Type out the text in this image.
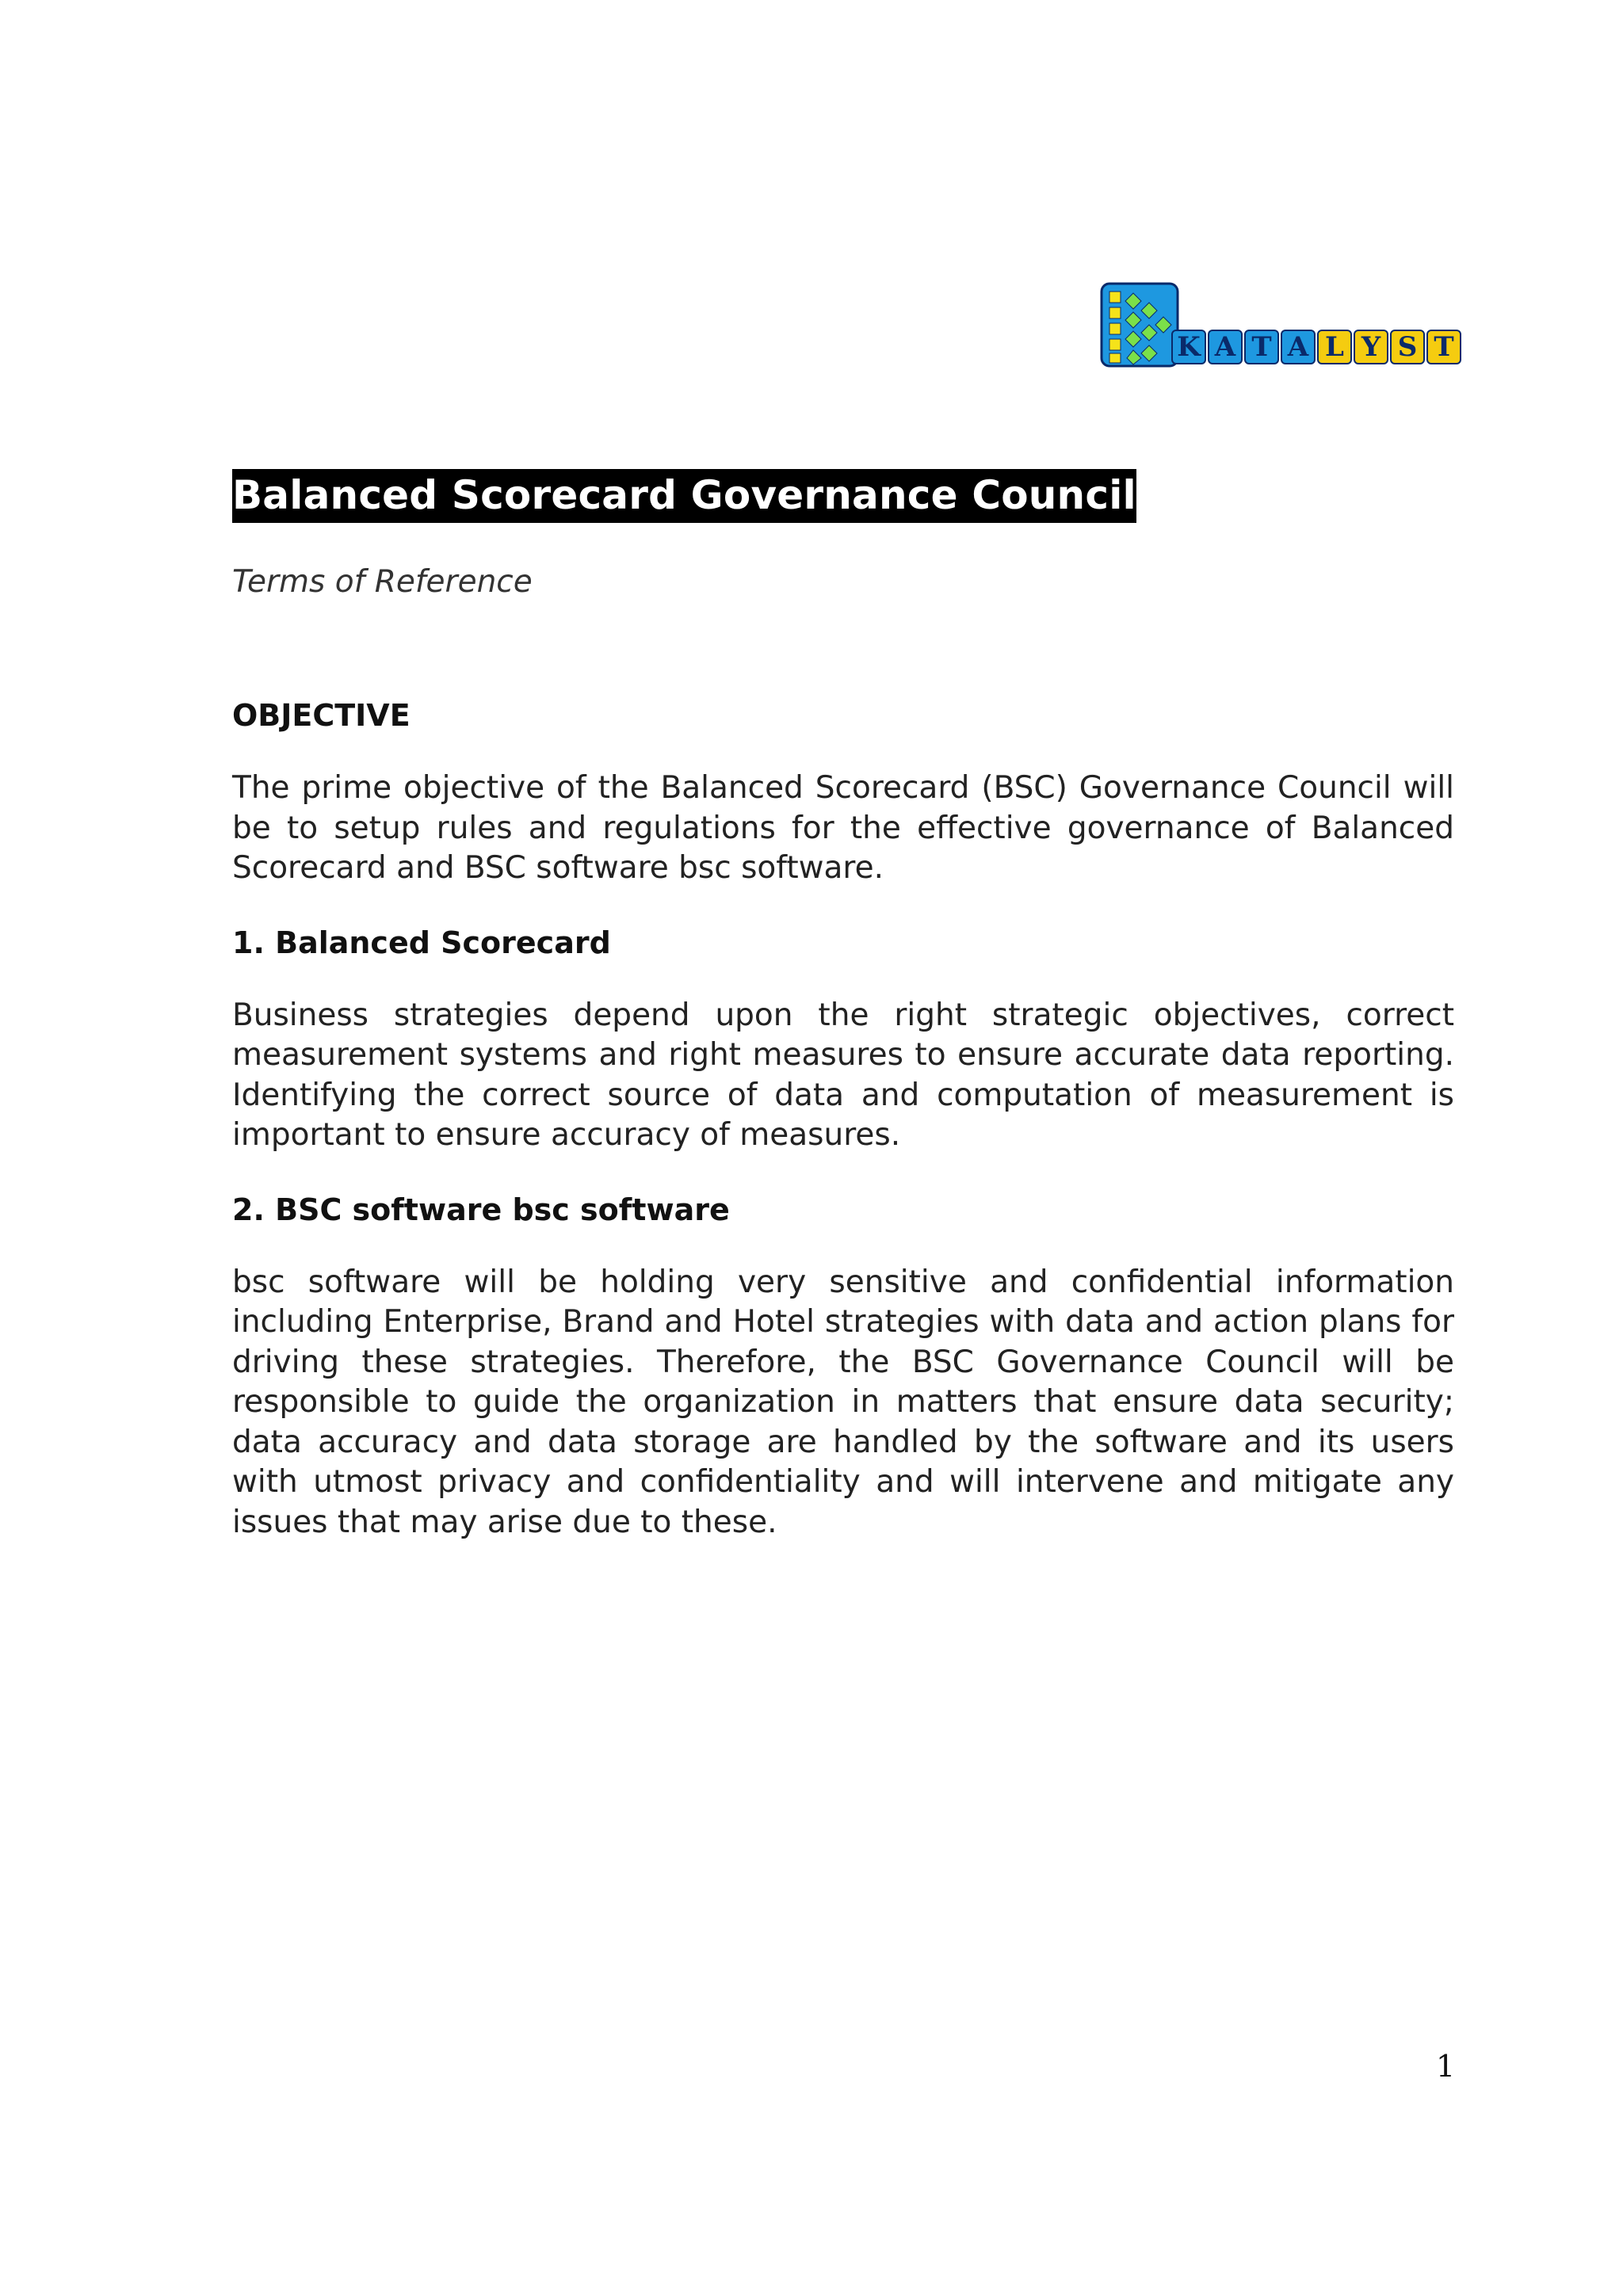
K A T A L Y S T
Balanced Scorecard Governance Council
Terms of Reference
OBJECTIVE
The prime objective of the Balanced Scorecard (BSC) Governance Council will be to setup rules and regulations for the effective governance of Balanced Scorecard and BSC software bsc software.
1. Balanced Scorecard
Business strategies depend upon the right strategic objectives, correct measurement systems and right measures to ensure accurate data reporting. Identifying the correct source of data and computation of measurement is important to ensure accuracy of measures.
2. BSC software bsc software
bsc software will be holding very sensitive and confidential information including Enterprise, Brand and Hotel strategies with data and action plans for driving these strategies. Therefore, the BSC Governance Council will be responsible to guide the organization in matters that ensure data security; data accuracy and data storage are handled by the software and its users with utmost privacy and confidentiality and will intervene and mitigate any issues that may arise due to these.
1
